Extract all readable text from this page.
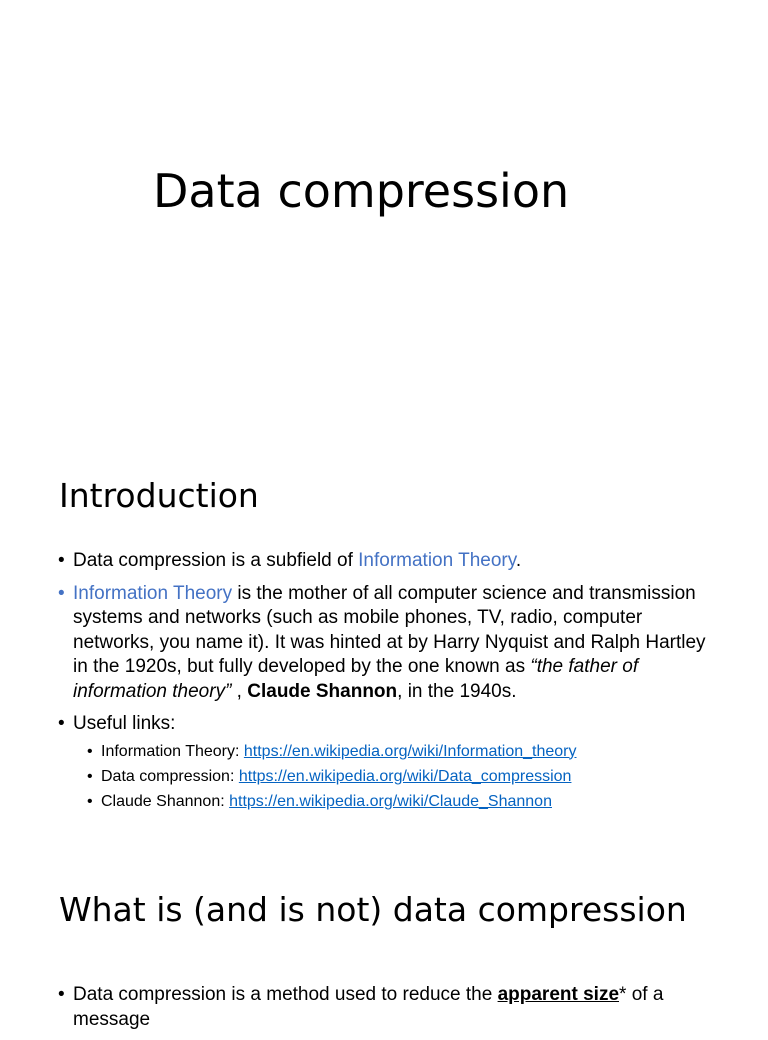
Data compression
Introduction
• Data compression is a subfield of Information Theory.
• Information Theory is the mother of all computer science and transmission systems and networks (such as mobile phones, TV, radio, computer networks, you name it). It was hinted at by Harry Nyquist and Ralph Hartley in the 1920s, but fully developed by the one known as “the father of information theory” , Claude Shannon, in the 1940s.
• Useful links:
• Information Theory: https://en.wikipedia.org/wiki/Information_theory
• Data compression: https://en.wikipedia.org/wiki/Data_compression
• Claude Shannon: https://en.wikipedia.org/wiki/Claude_Shannon
What is (and is not) data compression
• Data compression is a method used to reduce the apparent size* of a message
